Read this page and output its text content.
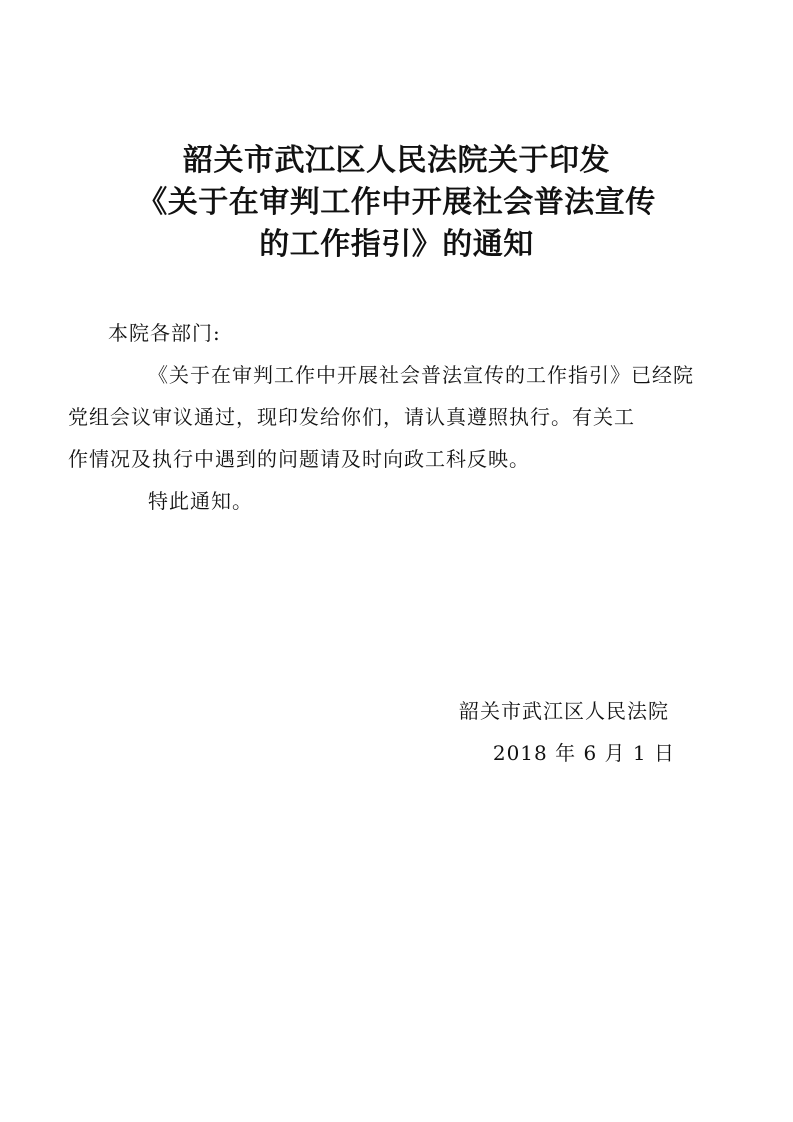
韶关市武江区人民法院关于印发
《关于在审判工作中开展社会普法宣传
的工作指引》的通知
本院各部门:
《关于在审判工作中开展社会普法宣传的工作指引》已经院
党组会议审议通过，现印发给你们，请认真遵照执行。有关工
作情况及执行中遇到的问题请及时向政工科反映。
特此通知。
韶关市武江区人民法院
2018 年 6 月 1 日
